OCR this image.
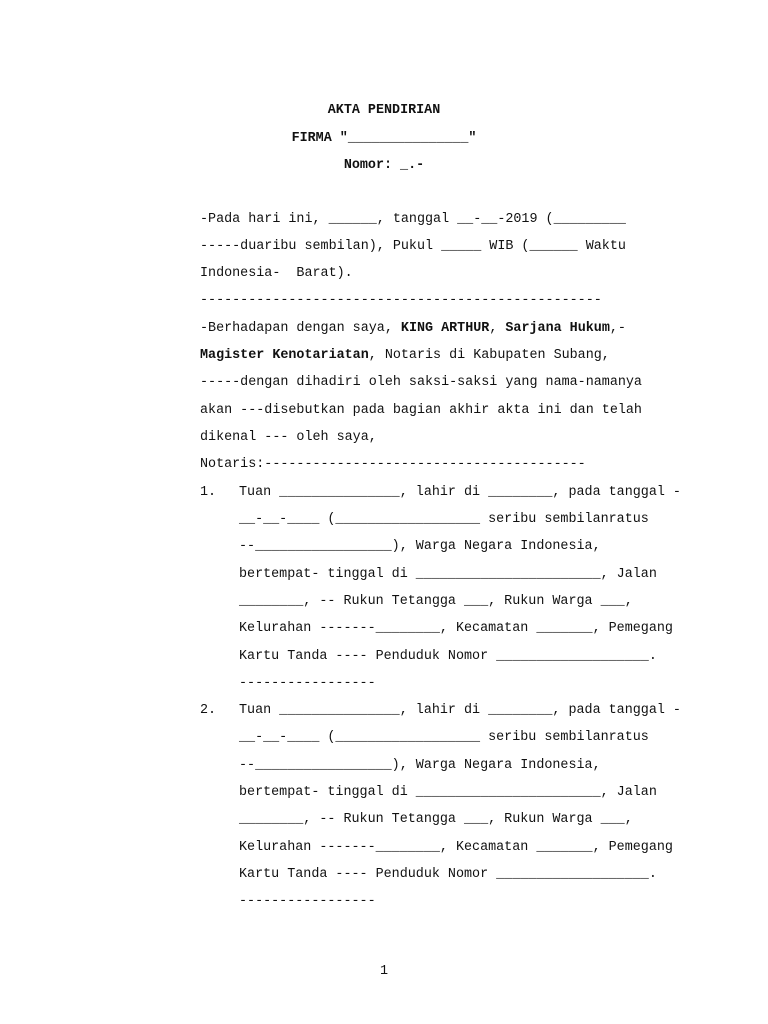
AKTA PENDIRIAN
FIRMA "_______________"
Nomor: _.-
-Pada hari ini, ______, tanggal __-__-2019 (_________
-----duaribu sembilan), Pukul _____ WIB (______ Waktu
Indonesia-  Barat).
--------------------------------------------------
-Berhadapan dengan saya, KING ARTHUR, Sarjana Hukum,-
Magister Kenotariatan, Notaris di Kabupaten Subang,
-----dengan dihadiri oleh saksi-saksi yang nama-namanya
akan ---disebutkan pada bagian akhir akta ini dan telah
dikenal --- oleh saya,
Notaris:----------------------------------------
1. Tuan _______________, lahir di ________, pada tanggal -
__-__-____ (__________________ seribu sembilanratus
--_________________), Warga Negara Indonesia,
bertempat- tinggal di _______________________, Jalan
________, -- Rukun Tetangga ___, Rukun Warga ___,
Kelurahan -------________, Kecamatan _______, Pemegang
Kartu Tanda ---- Penduduk Nomor ___________________.
-----------------
2. Tuan _______________, lahir di ________, pada tanggal -
__-__-____ (__________________ seribu sembilanratus
--_________________), Warga Negara Indonesia,
bertempat- tinggal di _______________________, Jalan
________, -- Rukun Tetangga ___, Rukun Warga ___,
Kelurahan -------________, Kecamatan _______, Pemegang
Kartu Tanda ---- Penduduk Nomor ___________________.
-----------------
1
